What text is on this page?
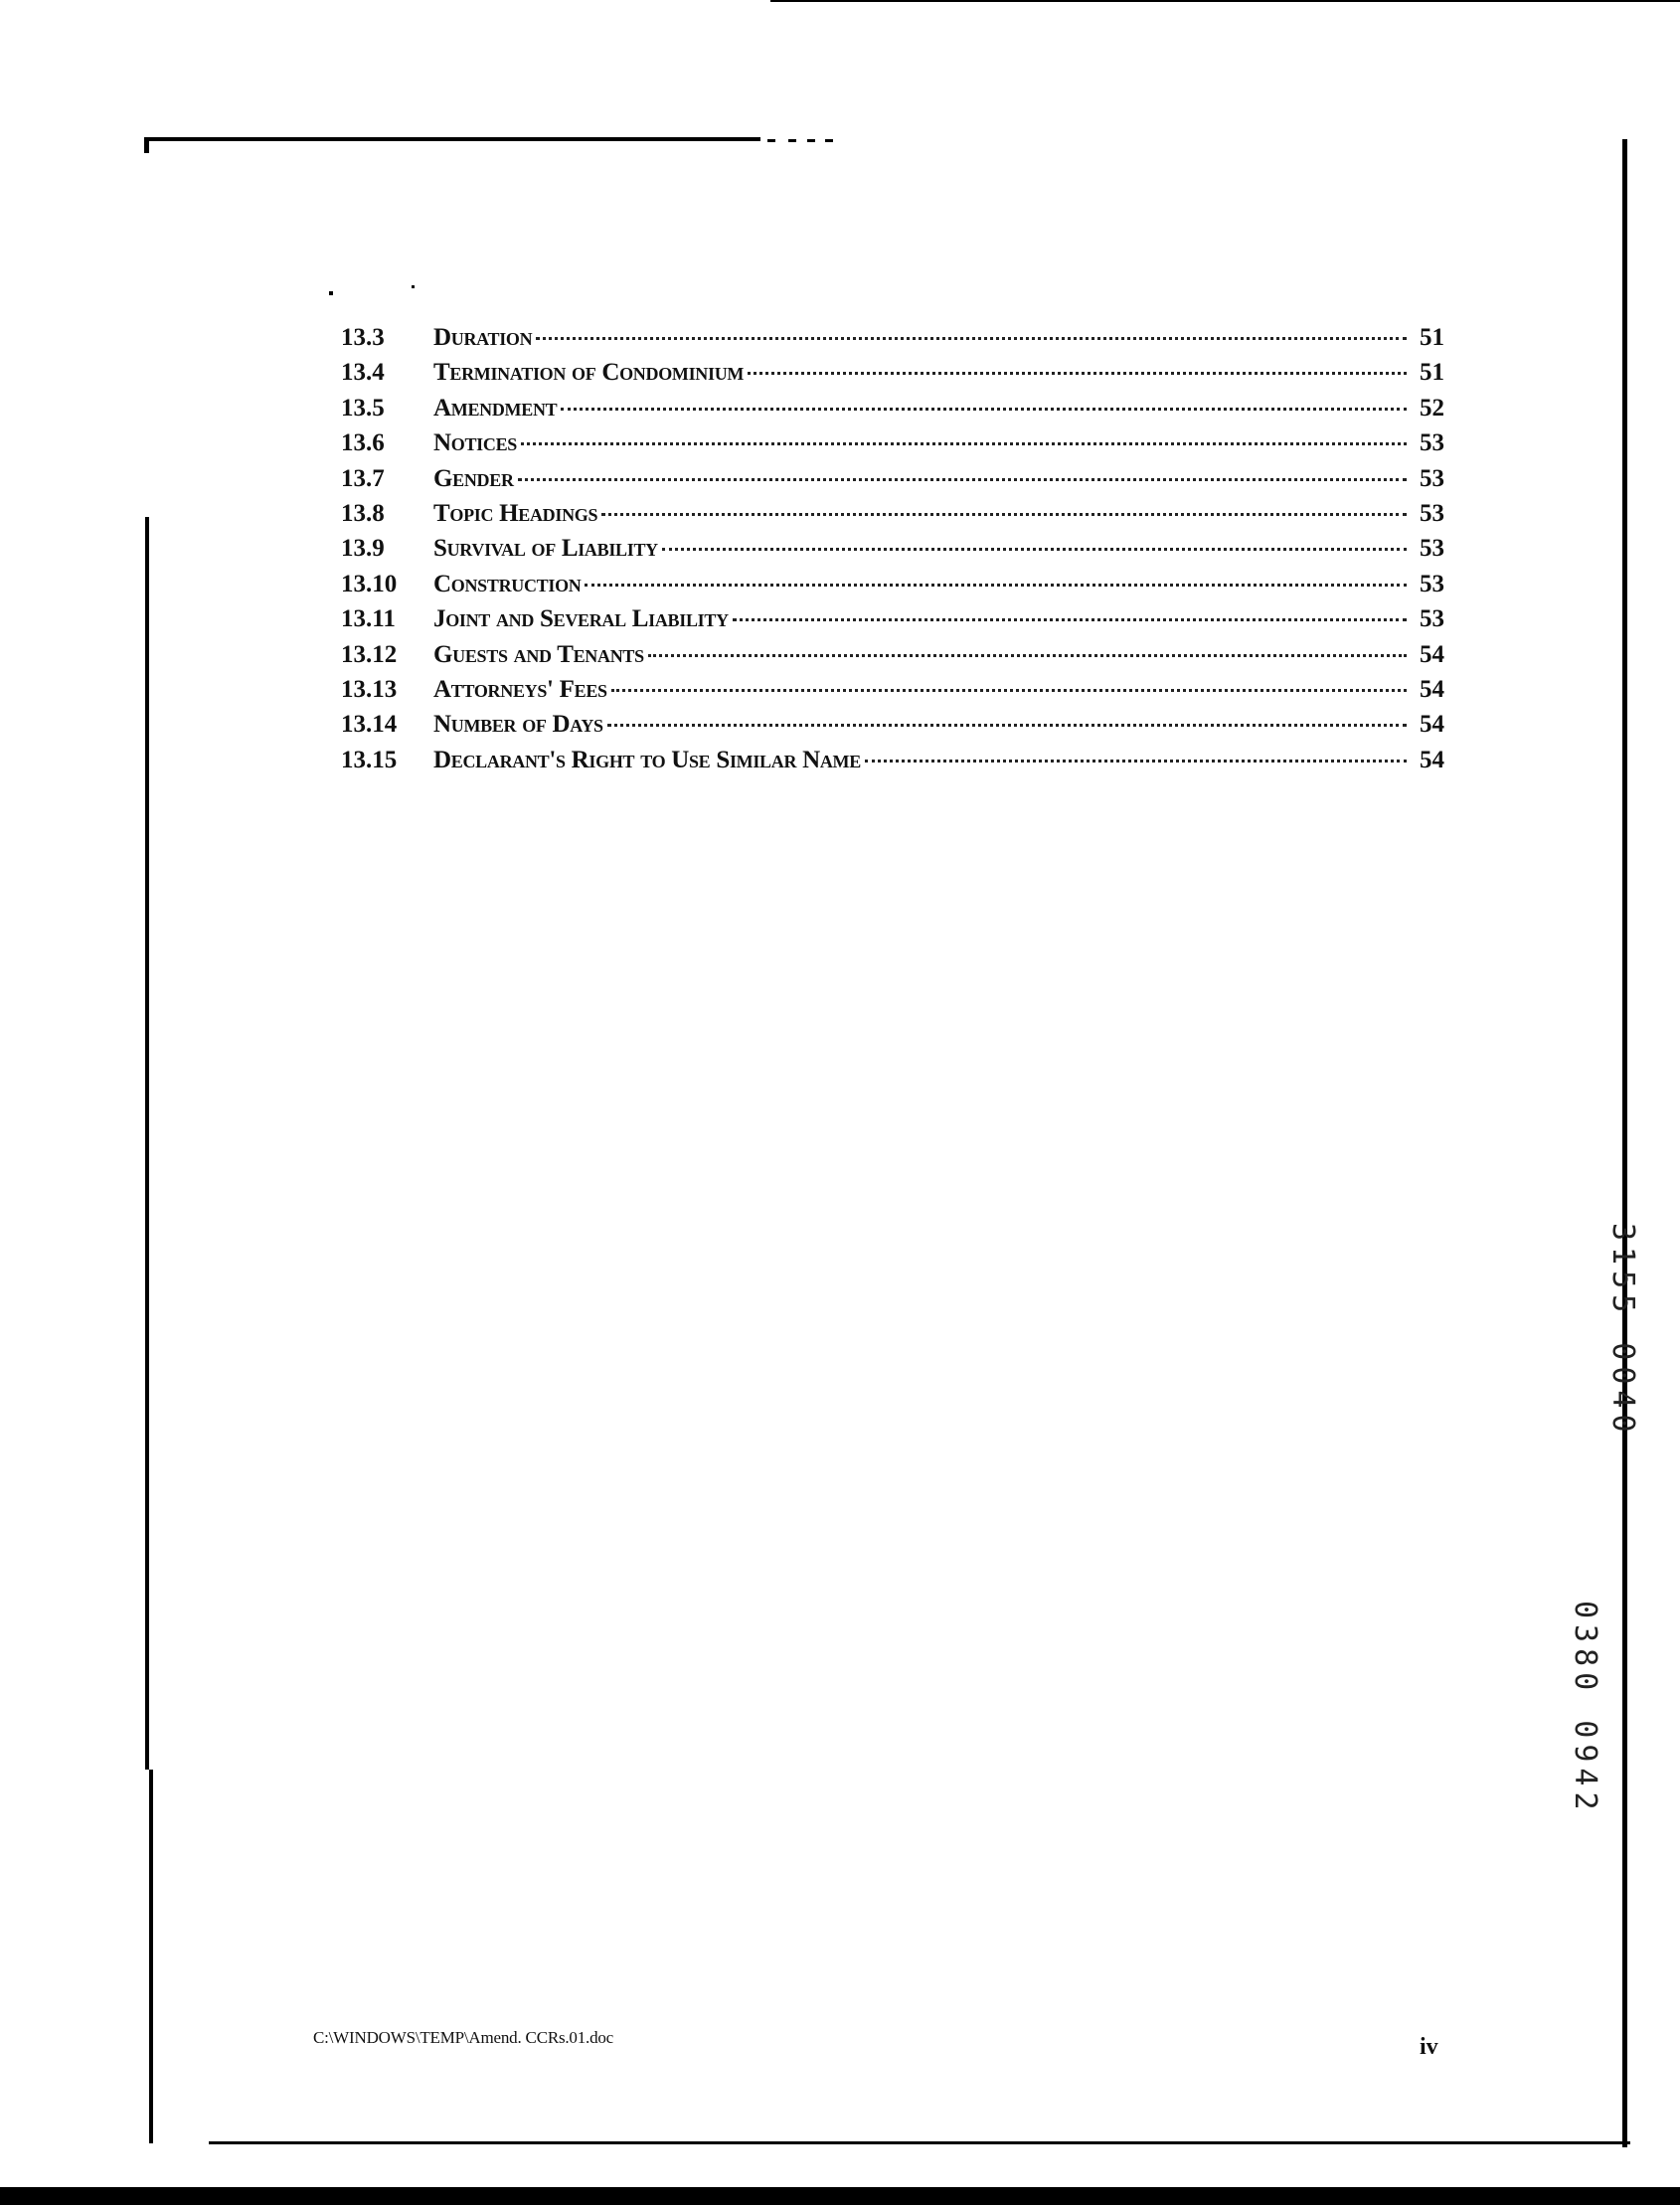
13.3	Duration	51
13.4	Termination of Condominium	51
13.5	Amendment	52
13.6	Notices	53
13.7	Gender	53
13.8	Topic Headings	53
13.9	Survival of Liability	53
13.10	Construction	53
13.11	Joint and Several Liability	53
13.12	Guests and Tenants	54
13.13	Attorneys' Fees	54
13.14	Number of Days	54
13.15	Declarant's Right to Use Similar Name	54
C:\WINDOWS\TEMP\Amend. CCRs.01.doc	iv
3155 0040
0380 0942
